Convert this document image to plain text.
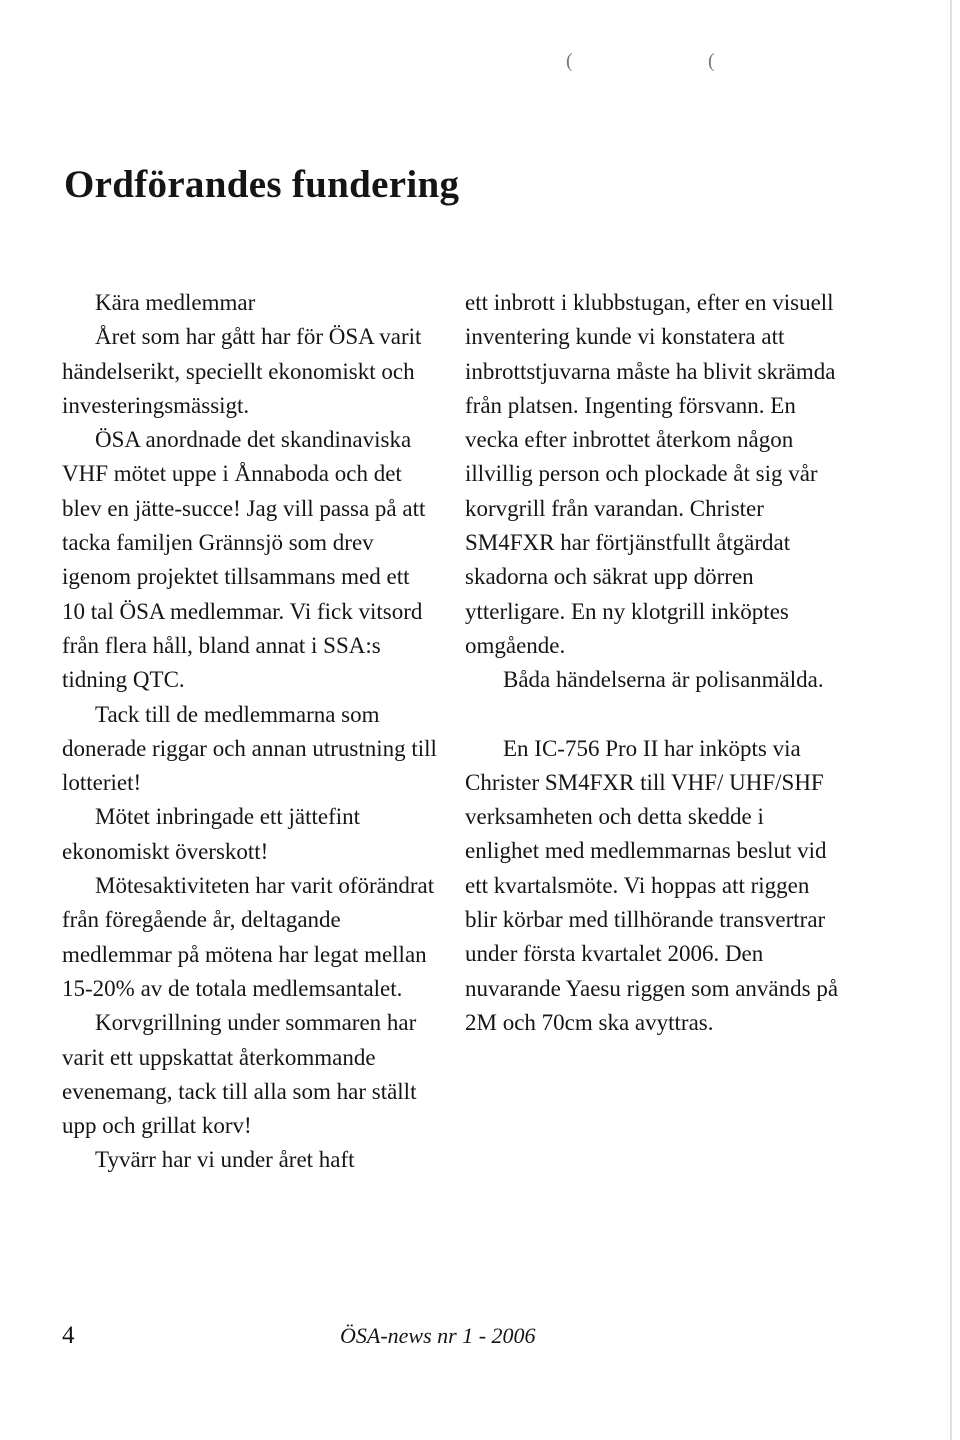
(	(
Ordförandes fundering

Kära medlemmar

Året som har gått har för ÖSA varit händelserikt, speciellt ekonomiskt och investeringsmässigt.

ÖSA anordnade det skandinaviska VHF mötet uppe i Ånnaboda och det blev en jätte-succe! Jag vill passa på att tacka familjen Grännsjö som drev igenom projektet tillsammans med ett 10 tal ÖSA medlemmar. Vi fick vitsord från flera håll, bland annat i SSA:s tidning QTC.

Tack till de medlemmarna som donerade riggar och annan utrustning till lotteriet!

Mötet inbringade ett jättefint ekonomiskt överskott!

Mötesaktiviteten har varit oförändrat från föregående år, deltagande medlemmar på mötena har legat mellan 15-20% av de totala medlemsantalet.

Korvgrillning under sommaren har varit ett uppskattat återkommande evenemang, tack till alla som har ställt upp och grillat korv!

Tyvärr har vi under året haft

ett inbrott i klubbstugan, efter en visuell inventering kunde vi konstatera att inbrottstjuvarna måste ha blivit skrämda från platsen. Ingenting försvann. En vecka efter inbrottet återkom någon illvillig person och plockade åt sig vår korvgrill från varandan. Christer SM4FXR har förtjänstfullt åtgärdat skadorna och säkrat upp dörren ytterligare. En ny klotgrill inköptes omgående.

Båda händelserna är polisanmälda.

En IC-756 Pro II har inköpts via Christer SM4FXR till VHF/ UHF/SHF verksamheten och detta skedde i enlighet med medlemmarnas beslut vid ett kvartalsmöte. Vi hoppas att riggen blir körbar med tillhörande transvertrar under första kvartalet 2006. Den nuvarande Yaesu riggen som används på 2M och 70cm ska avyttras.

4	ÖSA-news nr 1 - 2006
